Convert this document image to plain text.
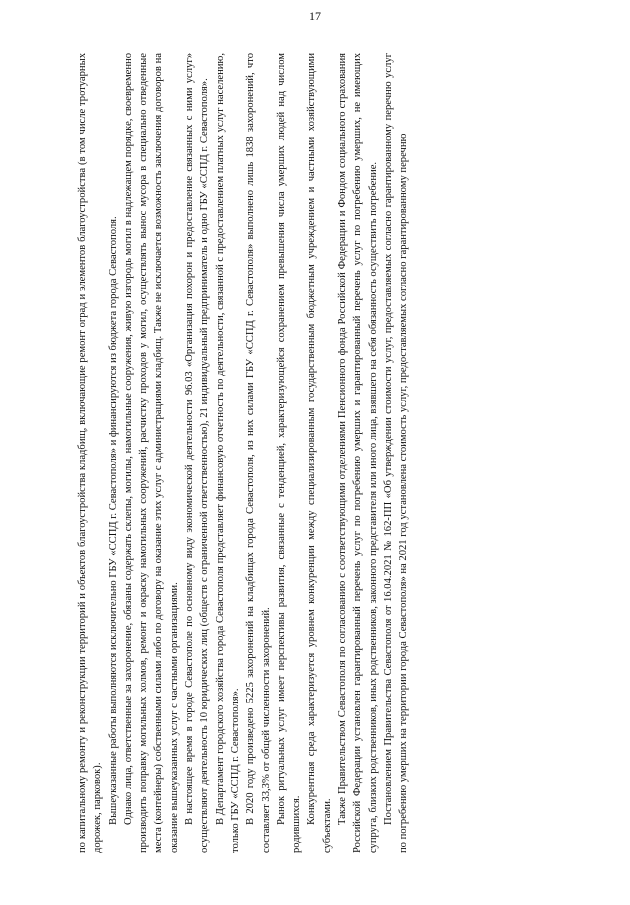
17

по капитальному ремонту и реконструкции территорий и объектов благоустройства кладбищ, включающие ремонт оград и элементов благоустройства (в том числе тротуарных дорожек, парковок). Вышеуказанные работы выполняются исключительно ГБУ «ССПД г. Севастополя» и финансируются из бюджета города Севастополя. Однако лица, ответственные за захоронение, обязаны содержать склепы, могилы, намогильные сооружения, живую изгородь могил в надлежащем порядке, своевременно производить поправку могильных холмов, ремонт и окраску намогильных сооружений, расчистку проходов у могил, осуществлять вынос мусора в специально отведенные места (контейнеры) собственными силами либо по договору на оказание этих услуг с администрациями кладбищ. Также не исключается возможность заключения договоров на оказание вышеуказанных услуг с частными организациями. В настоящее время в городе Севастополе по основному виду экономической деятельности 96.03 «Организация похорон и предоставление связанных с ними услуг» осуществляют деятельность 10 юридических лиц (обществ с ограниченной ответственностью), 21 индивидуальный предприниматель и одно ГБУ «ССПД г. Севастополя». В Департамент городского хозяйства города Севастополя представляет финансовую отчетность по деятельности, связанной с предоставлением платных услуг населению, только ГБУ «ССПД г. Севастополя». В 2020 году произведено 5225 захоронений на кладбищах города Севастополя, из них силами ГБУ «ССПД г. Севастополя» выполнено лишь 1838 захоронений, что составляет 33,3% от общей численности захоронений. Рынок ритуальных услуг имеет перспективы развития, связанные с тенденцией, характеризующейся сохранением превышения числа умерших людей над числом родившихся. Конкурентная среда характеризуется уровнем конкуренции между специализированным государственным бюджетным учреждением и частными хозяйствующими субъектами.

Также Правительством Севастополя по согласованию с соответствующими отделениями Пенсионного фонда Российской Федерации и Фондом социального страхования Российской Федерации установлен гарантированный перечень услуг по погребению умерших и гарантированный перечень услуг по погребению умерших, не имеющих супруга, близких родственников, иных родственников, законного представителя или иного лица, взявшего на себя обязанность осуществить погребение. Постановлением Правительства Севастополя от 16.04.2021 № 162-ПП «Об утверждении стоимости услуг, предоставляемых согласно гарантированному перечню услуг по погребению умерших на территории города Севастополя» на 2021 год установлена стоимость услуг, предоставляемых согласно гарантированному перечню
